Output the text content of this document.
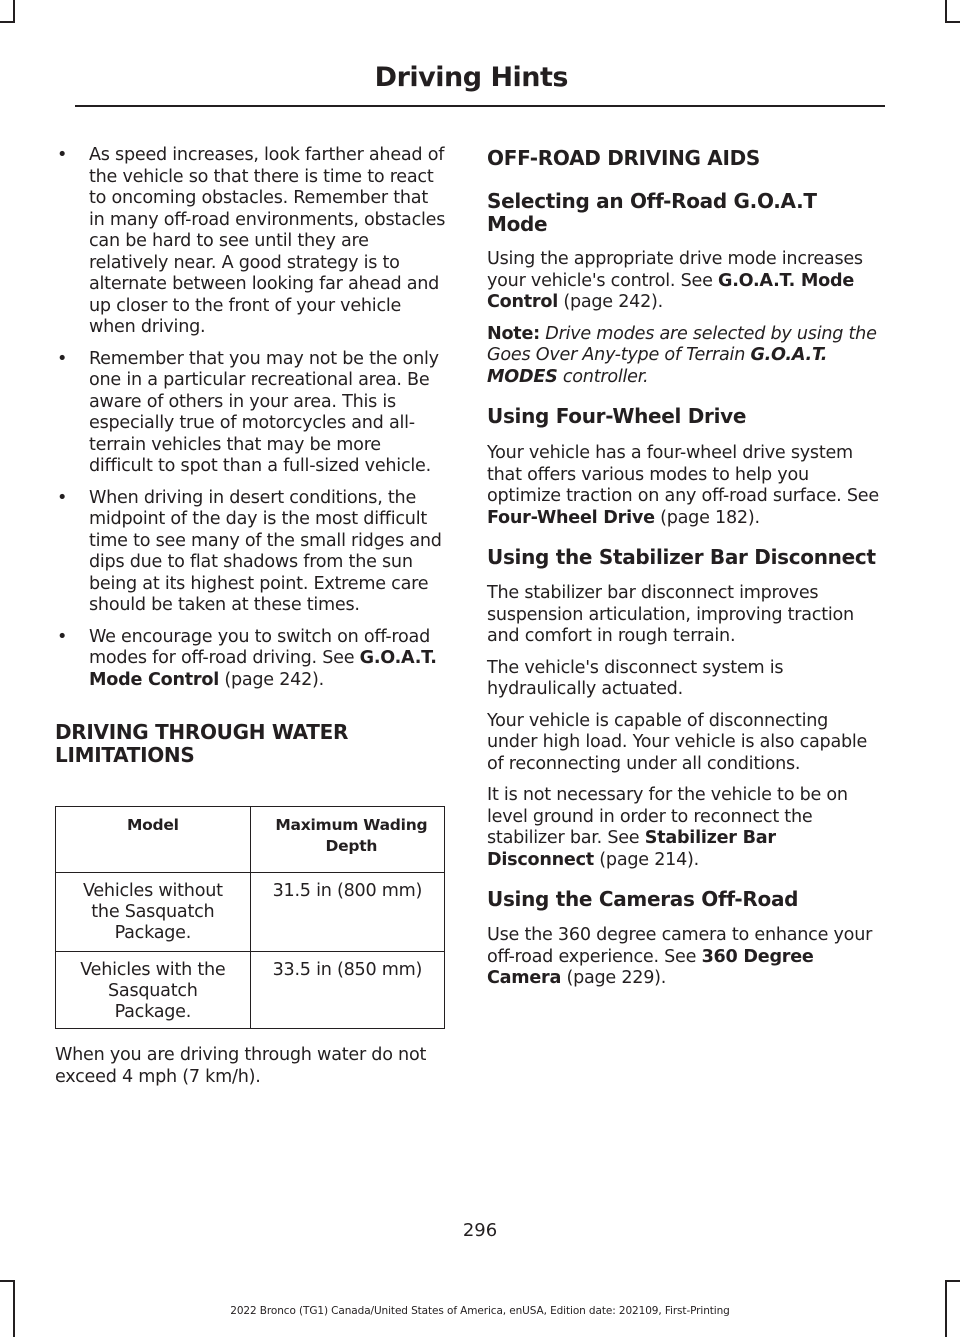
Driving Hints
• As speed increases, look farther ahead of the vehicle so that there is time to react to oncoming obstacles. Remember that in many off-road environments, obstacles can be hard to see until they are relatively near. A good strategy is to alternate between looking far ahead and up closer to the front of your vehicle when driving.
• Remember that you may not be the only one in a particular recreational area. Be aware of others in your area. This is especially true of motorcycles and all-terrain vehicles that may be more difficult to spot than a full-sized vehicle.
• When driving in desert conditions, the midpoint of the day is the most difficult time to see many of the small ridges and dips due to flat shadows from the sun being at its highest point. Extreme care should be taken at these times.
• We encourage you to switch on off-road modes for off-road driving. See G.O.A.T. Mode Control (page 242).
DRIVING THROUGH WATER LIMITATIONS
Model	Maximum Wading Depth
Vehicles without the Sasquatch Package.	31.5 in (800 mm)
Vehicles with the Sasquatch Package.	33.5 in (850 mm)

When you are driving through water do not exceed 4 mph (7 km/h).

OFF-ROAD DRIVING AIDS
Selecting an Off-Road G.O.A.T Mode

Using the appropriate drive mode increases your vehicle's control. See G.O.A.T. Mode Control (page 242).

Note: Drive modes are selected by using the Goes Over Any-type of Terrain G.O.A.T. MODES controller.

Using Four-Wheel Drive

Your vehicle has a four-wheel drive system that offers various modes to help you optimize traction on any off-road surface. See Four-Wheel Drive (page 182).

Using the Stabilizer Bar Disconnect

The stabilizer bar disconnect improves suspension articulation, improving traction and comfort in rough terrain.

The vehicle's disconnect system is hydraulically actuated.

Your vehicle is capable of disconnecting under high load. Your vehicle is also capable of reconnecting under all conditions.

It is not necessary for the vehicle to be on level ground in order to reconnect the stabilizer bar. See Stabilizer Bar Disconnect (page 214).

Using the Cameras Off-Road

Use the 360 degree camera to enhance your off-road experience. See 360 Degree Camera (page 229).

296
2022 Bronco (TG1) Canada/United States of America, enUSA, Edition date: 202109, First-Printing
